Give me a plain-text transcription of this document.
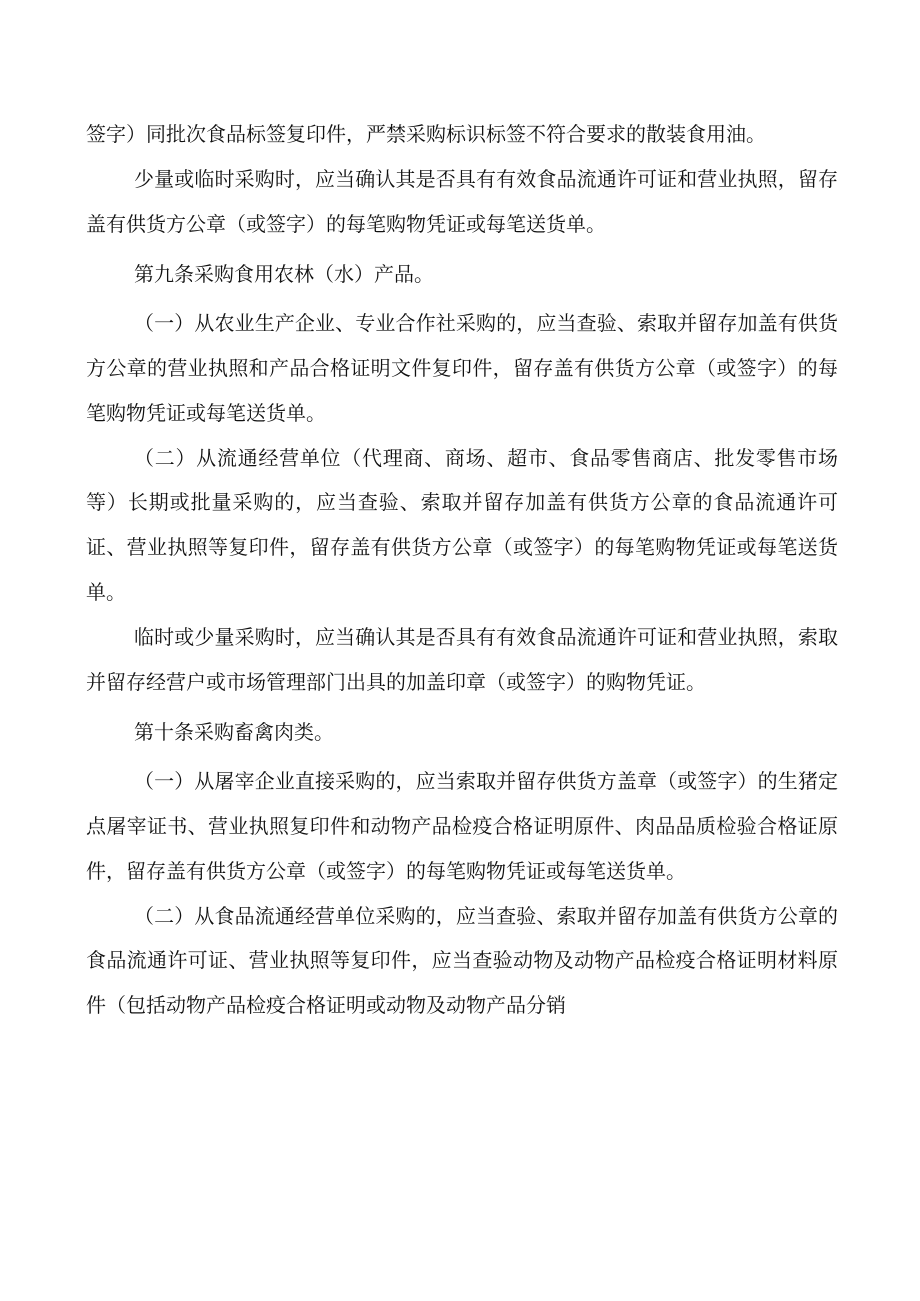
签字）同批次食品标签复印件，严禁采购标识标签不符合要求的散装食用油。

少量或临时采购时，应当确认其是否具有有效食品流通许可证和营业执照，留存盖有供货方公章（或签字）的每笔购物凭证或每笔送货单。

第九条采购食用农林（水）产品。

（一）从农业生产企业、专业合作社采购的，应当查验、索取并留存加盖有供货方公章的营业执照和产品合格证明文件复印件，留存盖有供货方公章（或签字）的每笔购物凭证或每笔送货单。

（二）从流通经营单位（代理商、商场、超市、食品零售商店、批发零售市场等）长期或批量采购的，应当查验、索取并留存加盖有供货方公章的食品流通许可证、营业执照等复印件，留存盖有供货方公章（或签字）的每笔购物凭证或每笔送货单。

临时或少量采购时，应当确认其是否具有有效食品流通许可证和营业执照，索取并留存经营户或市场管理部门出具的加盖印章（或签字）的购物凭证。

第十条采购畜禽肉类。

（一）从屠宰企业直接采购的，应当索取并留存供货方盖章（或签字）的生猪定点屠宰证书、营业执照复印件和动物产品检疫合格证明原件、肉品品质检验合格证原件，留存盖有供货方公章（或签字）的每笔购物凭证或每笔送货单。

（二）从食品流通经营单位采购的，应当查验、索取并留存加盖有供货方公章的食品流通许可证、营业执照等复印件，应当查验动物及动物产品检疫合格证明材料原件（包括动物产品检疫合格证明或动物及动物产品分销
